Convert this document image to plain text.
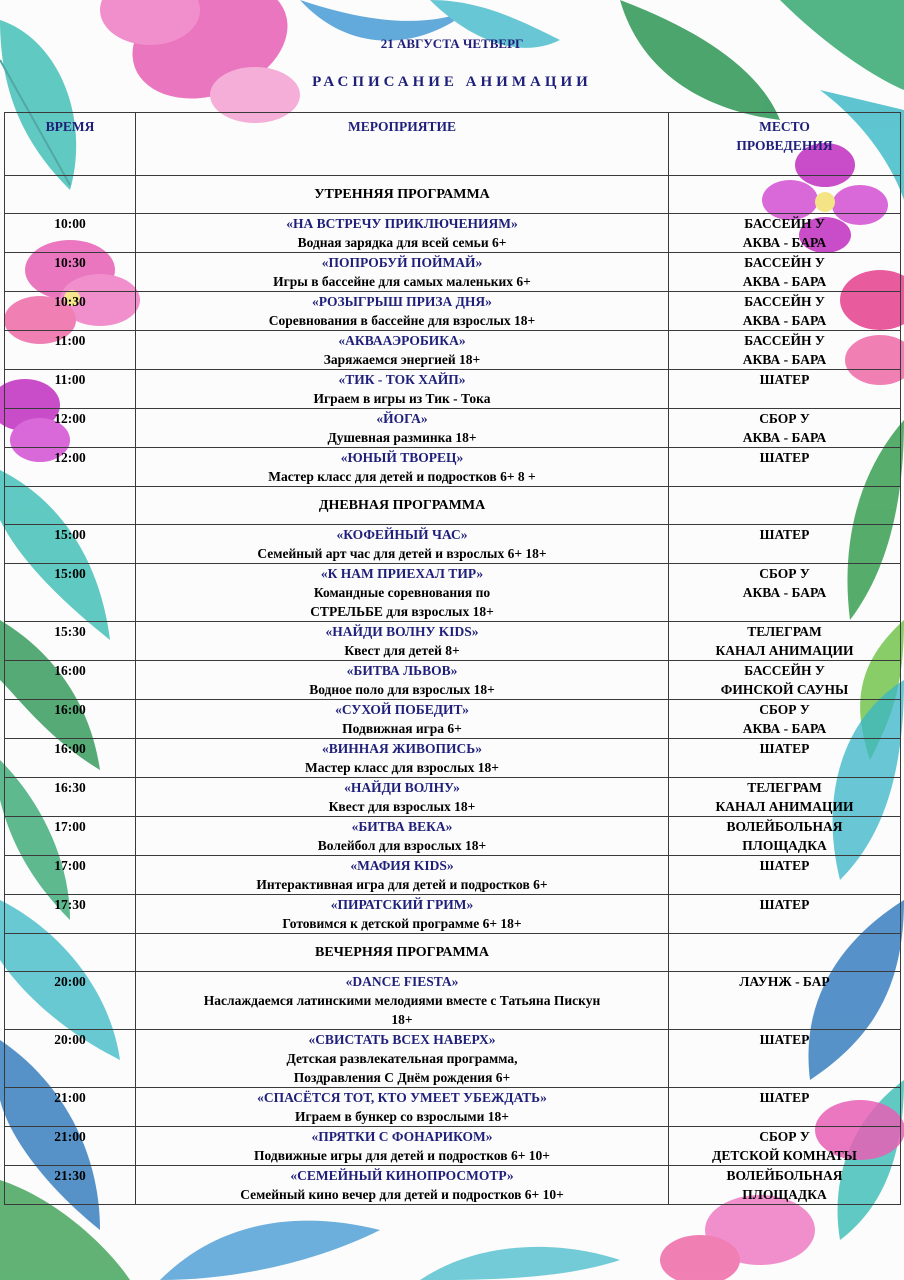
21 АВГУСТА ЧЕТВЕРГ
РАСПИСАНИЕ АНИМАЦИИ
ВРЕМЯ	МЕРОПРИЯТИЕ	МЕСТО
ПРОВЕДЕНИЯ

	УТРЕННЯЯ ПРОГРАММА	

10:00	«НА ВСТРЕЧУ ПРИКЛЮЧЕНИЯМ»
Водная зарядка для всей семьи 6+	БАССЕЙН У
АКВА - БАРА
10:30	«ПОПРОБУЙ ПОЙМАЙ»
Игры в бассейне для самых маленьких 6+	БАССЕЙН У
АКВА - БАРА
10:30	«РОЗЫГРЫШ ПРИЗА ДНЯ»
Соревнования в бассейне для взрослых 18+	БАССЕЙН У
АКВА - БАРА
11:00	«АКВААЭРОБИКА»
Заряжаемся энергией 18+	БАССЕЙН У
АКВА - БАРА
11:00	«ТИК - ТОК ХАЙП»
Играем в игры из Тик - Тока	ШАТЕР
12:00	«ЙОГА»
Душевная разминка 18+	СБОР У
АКВА - БАРА
12:00	«ЮНЫЙ ТВОРЕЦ»
Мастер класс для детей и подростков 6+ 8 +	ШАТЕР

	ДНЕВНАЯ ПРОГРАММА	

15:00	«КОФЕЙНЫЙ ЧАС»
Семейный арт час для детей и взрослых 6+ 18+	ШАТЕР
15:00	«К НАМ ПРИЕХАЛ ТИР»
Командные соревнования по
СТРЕЛЬБЕ для взрослых 18+	СБОР У
АКВА - БАРА
15:30	«НАЙДИ ВОЛНУ KIDS»
Квест для детей 8+	ТЕЛЕГРАМ
КАНАЛ АНИМАЦИИ
16:00	«БИТВА ЛЬВОВ»
Водное поло для взрослых 18+	БАССЕЙН У
ФИНСКОЙ САУНЫ
16:00	«СУХОЙ ПОБЕДИТ»
Подвижная игра 6+	СБОР У
АКВА - БАРА
16:00	«ВИННАЯ ЖИВОПИСЬ»
Мастер класс для взрослых 18+	ШАТЕР
16:30	«НАЙДИ ВОЛНУ»
Квест для взрослых 18+	ТЕЛЕГРАМ
КАНАЛ АНИМАЦИИ
17:00	«БИТВА ВЕКА»
Волейбол для взрослых 18+	ВОЛЕЙБОЛЬНАЯ
ПЛОЩАДКА
17:00	«МАФИЯ KIDS»
Интерактивная игра для детей и подростков 6+	ШАТЕР
17:30	«ПИРАТСКИЙ ГРИМ»
Готовимся к детской программе 6+ 18+	ШАТЕР

	ВЕЧЕРНЯЯ ПРОГРАММА	

20:00	«DANCE FIESTA»
Наслаждаемся латинскими мелодиями вместе с Татьяна Пискун
18+	ЛАУНЖ - БАР
20:00	«СВИСТАТЬ ВСЕХ НАВЕРХ»
Детская развлекательная программа,
Поздравления С Днём рождения 6+	ШАТЕР
21:00	«СПАСЁТСЯ ТОТ, КТО УМЕЕТ УБЕЖДАТЬ»
Играем в бункер со взрослыми 18+	ШАТЕР
21:00	«ПРЯТКИ С ФОНАРИКОМ»
Подвижные игры для детей и подростков 6+ 10+	СБОР У
ДЕТСКОЙ КОМНАТЫ
21:30	«СЕМЕЙНЫЙ КИНОПРОСМОТР»
Семейный кино вечер для детей и подростков 6+ 10+	ВОЛЕЙБОЛЬНАЯ
ПЛОЩАДКА
